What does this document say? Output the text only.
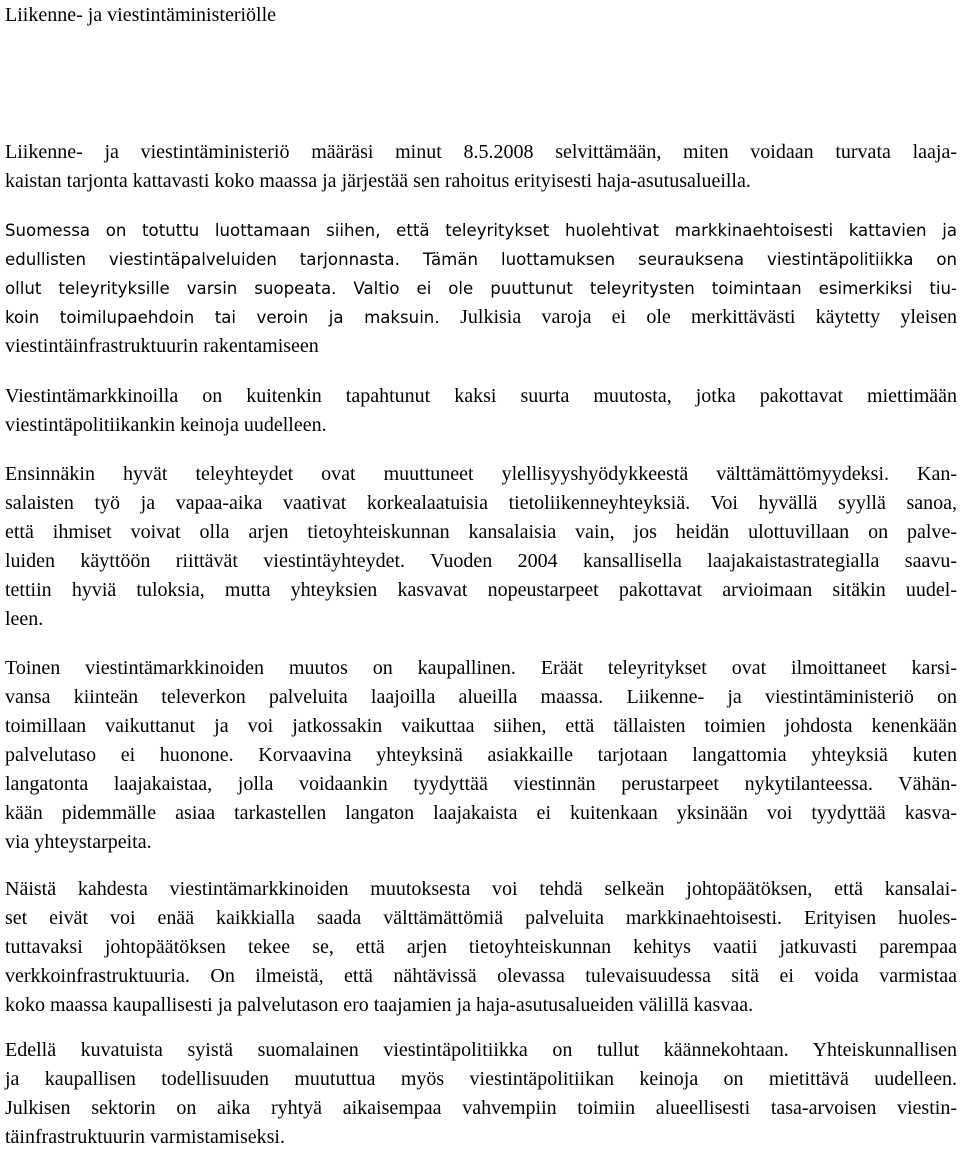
Liikenne- ja viestintäministeriölle
Liikenne- ja viestintäministeriö määräsi minut 8.5.2008 selvittämään, miten voidaan turvata laaja-
kaistan tarjonta kattavasti koko maassa ja järjestää sen rahoitus erityisesti haja-asutusalueilla.
Suomessa on totuttu luottamaan siihen, että teleyritykset huolehtivat markkinaehtoisesti kattavien ja
edullisten viestintäpalveluiden tarjonnasta. Tämän luottamuksen seurauksena viestintäpolitiikka on
ollut teleyrityksille varsin suopeata. Valtio ei ole puuttunut teleyritysten toimintaan esimerkiksi tiu-
koin toimilupaehdoin tai veroin ja maksuin. Julkisia varoja ei ole merkittävästi käytetty yleisen
viestintäinfrastruktuurin rakentamiseen
Viestintämarkkinoilla on kuitenkin tapahtunut kaksi suurta muutosta, jotka pakottavat miettimään
viestintäpolitiikankin keinoja uudelleen.
Ensinnäkin hyvät teleyhteydet ovat muuttuneet ylellisyyshyödykkeestä välttämättömyydeksi. Kan-
salaisten työ ja vapaa-aika vaativat korkealaatuisia tietoliikenneyhteyksiä. Voi hyvällä syyllä sanoa,
että ihmiset voivat olla arjen tietoyhteiskunnan kansalaisia vain, jos heidän ulottuvillaan on palve-
luiden käyttöön riittävät viestintäyhteydet. Vuoden 2004 kansallisella laajakaistastrategialla saavu-
tettiin hyviä tuloksia, mutta yhteyksien kasvavat nopeustarpeet pakottavat arvioimaan sitäkin uudel-
leen.
Toinen viestintämarkkinoiden muutos on kaupallinen. Eräät teleyritykset ovat ilmoittaneet karsi-
vansa kiinteän televerkon palveluita laajoilla alueilla maassa. Liikenne- ja viestintäministeriö on
toimillaan vaikuttanut ja voi jatkossakin vaikuttaa siihen, että tällaisten toimien johdosta kenenkään
palvelutaso ei huonone. Korvaavina yhteyksinä asiakkaille tarjotaan langattomia yhteyksiä kuten
langatonta laajakaistaa, jolla voidaankin tyydyttää viestinnän perustarpeet nykytilanteessa. Vähän-
kään pidemmälle asiaa tarkastellen langaton laajakaista ei kuitenkaan yksinään voi tyydyttää kasva-
via yhteystarpeita.
Näistä kahdesta viestintämarkkinoiden muutoksesta voi tehdä selkeän johtopäätöksen, että kansalai-
set eivät voi enää kaikkialla saada välttämättömiä palveluita markkinaehtoisesti. Erityisen huoles-
tuttavaksi johtopäätöksen tekee se, että arjen tietoyhteiskunnan kehitys vaatii jatkuvasti parempaa
verkkoinfrastruktuuria. On ilmeistä, että nähtävissä olevassa tulevaisuudessa sitä ei voida varmistaa
koko maassa kaupallisesti ja palvelutason ero taajamien ja haja-asutusalueiden välillä kasvaa.
Edellä kuvatuista syistä suomalainen viestintäpolitiikka on tullut käännekohtaan. Yhteiskunnallisen
ja kaupallisen todellisuuden muututtua myös viestintäpolitiikan keinoja on mietittävä uudelleen.
Julkisen sektorin on aika ryhtyä aikaisempaa vahvempiin toimiin alueellisesti tasa-arvoisen viestin-
täinfrastruktuurin varmistamiseksi.
